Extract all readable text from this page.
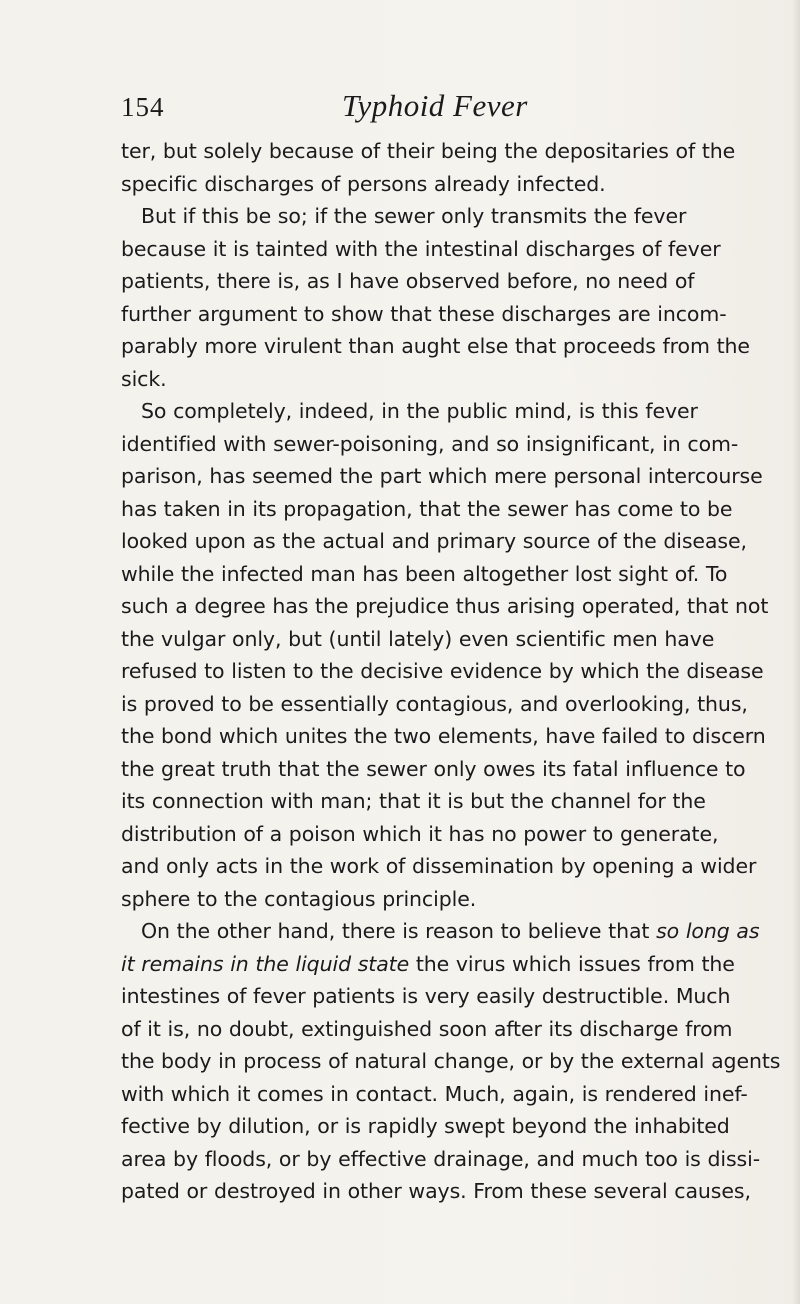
154	Typhoid Fever
ter, but solely because of their being the depositaries of the
specific discharges of persons already infected.
But if this be so; if the sewer only transmits the fever
because it is tainted with the intestinal discharges of fever
patients, there is, as I have observed before, no need of
further argument to show that these discharges are incom-
parably more virulent than aught else that proceeds from the
sick.
So completely, indeed, in the public mind, is this fever
identified with sewer-poisoning, and so insignificant, in com-
parison, has seemed the part which mere personal intercourse
has taken in its propagation, that the sewer has come to be
looked upon as the actual and primary source of the disease,
while the infected man has been altogether lost sight of. To
such a degree has the prejudice thus arising operated, that not
the vulgar only, but (until lately) even scientific men have
refused to listen to the decisive evidence by which the disease
is proved to be essentially contagious, and overlooking, thus,
the bond which unites the two elements, have failed to discern
the great truth that the sewer only owes its fatal influence to
its connection with man; that it is but the channel for the
distribution of a poison which it has no power to generate,
and only acts in the work of dissemination by opening a wider
sphere to the contagious principle.
On the other hand, there is reason to believe that so long as
it remains in the liquid state the virus which issues from the
intestines of fever patients is very easily destructible. Much
of it is, no doubt, extinguished soon after its discharge from
the body in process of natural change, or by the external agents
with which it comes in contact. Much, again, is rendered inef-
fective by dilution, or is rapidly swept beyond the inhabited
area by floods, or by effective drainage, and much too is dissi-
pated or destroyed in other ways. From these several causes,
